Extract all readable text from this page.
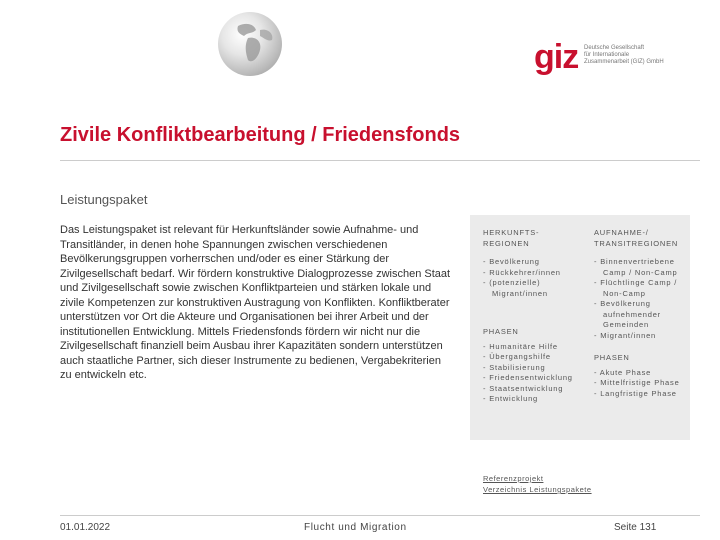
giz Deutsche Gesellschaft
für Internationale
Zusammenarbeit (GIZ) GmbH
Zivile Konfliktbearbeitung / Friedensfonds
Leistungspaket
Das Leistungspaket ist relevant für Herkunftsländer sowie Aufnahme- und Transitländer, in denen hohe Spannungen zwischen verschiedenen Bevölkerungsgruppen vorherrschen und/oder es einer Stärkung der Zivilgesellschaft bedarf. Wir fördern konstruktive Dialogprozesse zwischen Staat und Zivilgesellschaft sowie zwischen Konfliktparteien und stärken lokale und zivile Kompetenzen zur konstruktiven Austragung von Konflikten. Konfliktberater unterstützen vor Ort die Akteure und Organisationen bei ihrer Arbeit und der institutionellen Entwicklung. Mittels Friedensfonds fördern wir nicht nur die Zivilgesellschaft finanziell beim Ausbau ihrer Kapazitäten sondern unterstützen auch staatliche Partner, sich dieser Instrumente zu bedienen, Vergabekriterien zu entwickeln etc.
HERKUNFTS-
REGIONEN
- Bevölkerung
- Rückkehrer/innen
- (potenzielle) Migrant/innen
PHASEN
- Humanitäre Hilfe
- Übergangshilfe
- Stabilisierung
- Friedensentwicklung
- Staatsentwicklung
- Entwicklung
AUFNAHME-/
TRANSITREGIONEN
- Binnenvertriebene Camp / Non-Camp
- Flüchtlinge Camp / Non-Camp
- Bevölkerung aufnehmender Gemeinden
- Migrant/innen
PHASEN
- Akute Phase
- Mittelfristige Phase
- Langfristige Phase
Referenzprojekt
Verzeichnis Leistungspakete
01.01.2022	Flucht und Migration	Seite 131
